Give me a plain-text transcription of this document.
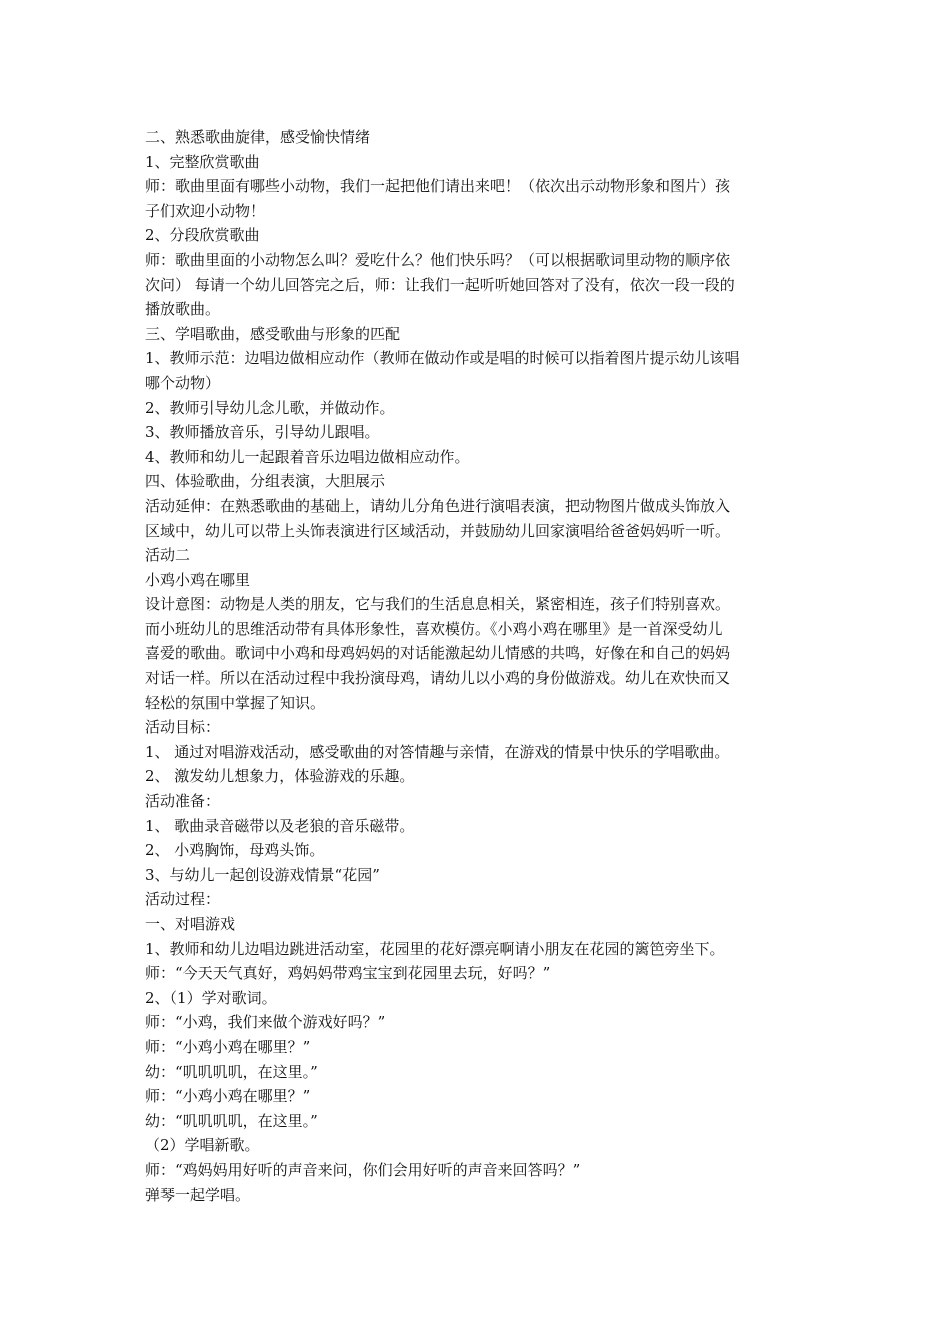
二、熟悉歌曲旋律，感受愉快情绪

1、完整欣赏歌曲

师：歌曲里面有哪些小动物，我们一起把他们请出来吧！（依次出示动物形象和图片）孩

子们欢迎小动物！

2、分段欣赏歌曲

师：歌曲里面的小动物怎么叫？爱吃什么？他们快乐吗？（可以根据歌词里动物的顺序依

次问） 每请一个幼儿回答完之后，师：让我们一起听听她回答对了没有，依次一段一段的

播放歌曲。

三、学唱歌曲，感受歌曲与形象的匹配

1、教师示范：边唱边做相应动作（教师在做动作或是唱的时候可以指着图片提示幼儿该唱

哪个动物）

2、教师引导幼儿念儿歌，并做动作。

3、教师播放音乐，引导幼儿跟唱。

4、教师和幼儿一起跟着音乐边唱边做相应动作。

四、体验歌曲，分组表演，大胆展示

活动延伸：在熟悉歌曲的基础上，请幼儿分角色进行演唱表演，把动物图片做成头饰放入

区域中，幼儿可以带上头饰表演进行区域活动，并鼓励幼儿回家演唱给爸爸妈妈听一听。

活动二

小鸡小鸡在哪里

设计意图：动物是人类的朋友，它与我们的生活息息相关，紧密相连，孩子们特别喜欢。

而小班幼儿的思维活动带有具体形象性，喜欢模仿。《小鸡小鸡在哪里》是一首深受幼儿

喜爱的歌曲。歌词中小鸡和母鸡妈妈的对话能激起幼儿情感的共鸣，好像在和自己的妈妈

对话一样。所以在活动过程中我扮演母鸡，请幼儿以小鸡的身份做游戏。幼儿在欢快而又

轻松的氛围中掌握了知识。

活动目标：

1、 通过对唱游戏活动，感受歌曲的对答情趣与亲情，在游戏的情景中快乐的学唱歌曲。

2、 激发幼儿想象力，体验游戏的乐趣。

活动准备：

1、 歌曲录音磁带以及老狼的音乐磁带。

2、 小鸡胸饰，母鸡头饰。

3、与幼儿一起创设游戏情景“花园”

活动过程：

一、对唱游戏

1、教师和幼儿边唱边跳进活动室，花园里的花好漂亮啊请小朋友在花园的篱笆旁坐下。

师：“今天天气真好，鸡妈妈带鸡宝宝到花园里去玩，好吗？”

2、（1）学对歌词。

师：“小鸡，我们来做个游戏好吗？”

师：“小鸡小鸡在哪里？”

幼：“叽叽叽叽，在这里。”

师：“小鸡小鸡在哪里？”

幼：“叽叽叽叽，在这里。”

（2）学唱新歌。

师：“鸡妈妈用好听的声音来问，你们会用好听的声音来回答吗？”

弹琴一起学唱。
